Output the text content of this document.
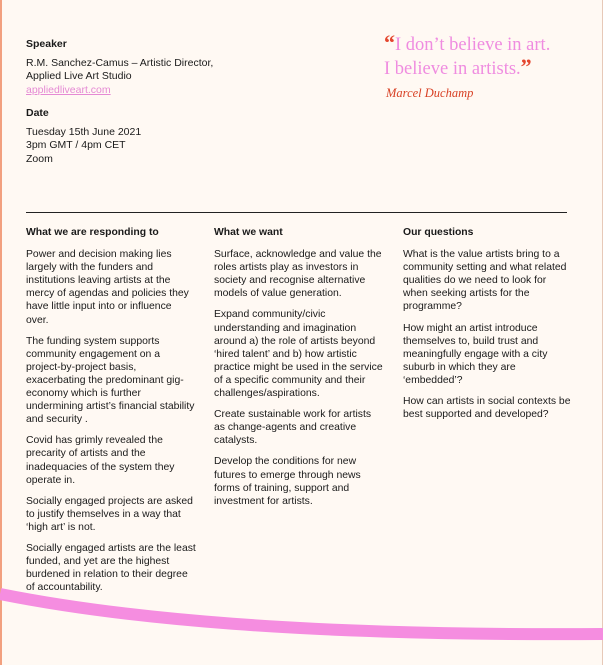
Speaker
R.M. Sanchez-Camus – Artistic Director,
Applied Live Art Studio
appliedliveart.com
Date
Tuesday 15th June 2021
3pm GMT / 4pm CET
Zoom
“I don’t believe in art.
I believe in artists.”
Marcel Duchamp
What we are responding to

Power and decision making lies largely with the funders and institutions leaving artists at the mercy of agendas and policies they have little input into or influence over.

The funding system supports community engagement on a project-by-project basis, exacerbating the predominant gig-economy which is further undermining artist’s financial stability and security .

Covid has grimly revealed the precarity of artists and the inadequacies of the system they operate in.

Socially engaged projects are asked to justify themselves in a way that ‘high art’ is not.

Socially engaged artists are the least funded, and yet are the highest burdened in relation to their degree of accountability.

What we want

Surface, acknowledge and value the roles artists play as investors in society and recognise alternative models of value generation.

Expand community/civic understanding and imagination around a) the role of artists beyond ‘hired talent’ and b) how artistic practice might be used in the service of a specific community and their challenges/aspirations.

Create sustainable work for artists as change-agents and creative catalysts.

Develop the conditions for new futures to emerge through news forms of training, support and investment for artists.

Our questions

What is the value artists bring to a community setting and what related qualities do we need to look for when seeking artists for the programme?

How might an artist introduce themselves to, build trust and meaningfully engage with a city suburb in which they are ‘embedded’?

How can artists in social contexts be best supported and developed?
